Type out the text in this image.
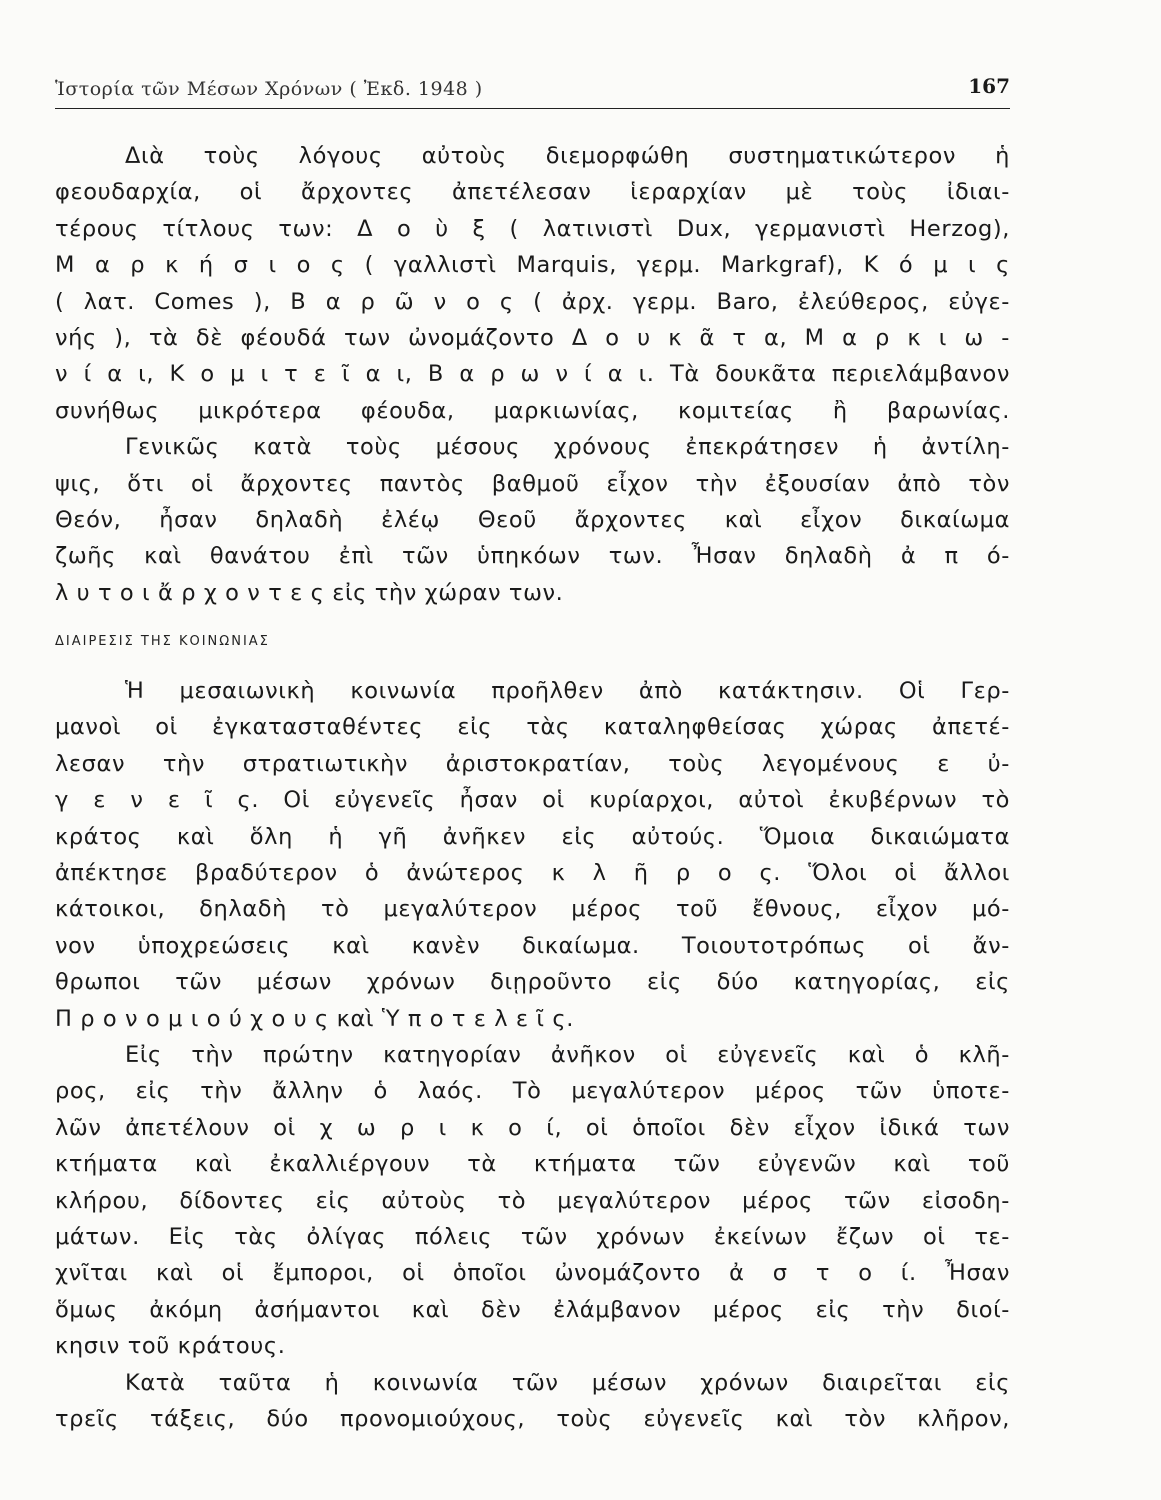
Ἱστορία τῶν Μέσων Χρόνων ( Ἐκδ. 1948 )	167
Διὰ τοὺς λόγους αὐτοὺς διεμορφώθη συστηματικώτερον ἡ
φεουδαρχία, οἱ ἄρχοντες ἀπετέλεσαν ἱεραρχίαν μὲ τοὺς ἰδιαι-
τέρους τίτλους των: Δ ο ὺ ξ ( λατινιστὶ Dux, γερμανιστὶ Herzog),
Μ α ρ κ ή σ ι ο ς ( γαλλιστὶ Marquis, γερμ. Markgraf), Κ ό μ ι ς
( λατ. Comes ), Β α ρ ῶ ν ο ς ( ἀρχ. γερμ. Baro, ἐλεύθερος, εὐγε-
νής ), τὰ δὲ φέουδά των ὠνομάζοντο Δ ο υ κ ᾶ τ α, Μ α ρ κ ι ω -
ν ί α ι, Κ ο μ ι τ ε ῖ α ι, Β α ρ ω ν ί α ι. Τὰ δουκᾶτα περιελάμβανον
συνήθως μικρότερα φέουδα, μαρκιωνίας, κομιτείας ἢ βαρωνίας.
Γενικῶς κατὰ τοὺς μέσους χρόνους ἐπεκράτησεν ἡ ἀντίλη-
ψις, ὅτι οἱ ἄρχοντες παντὸς βαθμοῦ εἶχον τὴν ἐξουσίαν ἀπὸ τὸν
Θεόν, ἦσαν δηλαδὴ ἐλέῳ Θεοῦ ἄρχοντες καὶ εἶχον δικαίωμα
ζωῆς καὶ θανάτου ἐπὶ τῶν ὑπηκόων των. Ἦσαν δηλαδὴ ἀ π ό-
λ υ τ ο ι ἄ ρ χ ο ν τ ε ς εἰς τὴν χώραν των.
ΔΙΑΙΡΕΣΙΣ ΤΗΣ ΚΟΙΝΩΝΙΑΣ
Ἡ μεσαιωνικὴ κοινωνία προῆλθεν ἀπὸ κατάκτησιν. Οἱ Γερ-
μανοὶ οἱ ἐγκατασταθέντες εἰς τὰς καταληφθείσας χώρας ἀπετέ-
λεσαν τὴν στρατιωτικὴν ἀριστοκρατίαν, τοὺς λεγομένους ε ὐ-
γ ε ν ε ῖ ς. Οἱ εὐγενεῖς ἦσαν οἱ κυρίαρχοι, αὐτοὶ ἐκυβέρνων τὸ
κράτος καὶ ὅλη ἡ γῆ ἀνῆκεν εἰς αὐτούς. Ὅμοια δικαιώματα
ἀπέκτησε βραδύτερον ὁ ἀνώτερος κ λ ῆ ρ ο ς. Ὅλοι οἱ ἄλλοι
κάτοικοι, δηλαδὴ τὸ μεγαλύτερον μέρος τοῦ ἔθνους, εἶχον μό-
νον ὑποχρεώσεις καὶ κανὲν δικαίωμα. Τοιουτοτρόπως οἱ ἄν-
θρωποι τῶν μέσων χρόνων διῃροῦντο εἰς δύο κατηγορίας, εἰς
Π ρ ο ν ο μ ι ο ύ χ ο υ ς καὶ Ὑ π ο τ ε λ ε ῖ ς.
Εἰς τὴν πρώτην κατηγορίαν ἀνῆκον οἱ εὐγενεῖς καὶ ὁ κλῆ-
ρος, εἰς τὴν ἄλλην ὁ λαός. Τὸ μεγαλύτερον μέρος τῶν ὑποτε-
λῶν ἀπετέλουν οἱ χ ω ρ ι κ ο ί, οἱ ὁποῖοι δὲν εἶχον ἰδικά των
κτήματα καὶ ἐκαλλιέργουν τὰ κτήματα τῶν εὐγενῶν καὶ τοῦ
κλήρου, δίδοντες εἰς αὐτοὺς τὸ μεγαλύτερον μέρος τῶν εἰσοδη-
μάτων. Εἰς τὰς ὀλίγας πόλεις τῶν χρόνων ἐκείνων ἔζων οἱ τε-
χνῖται καὶ οἱ ἔμποροι, οἱ ὁποῖοι ὠνομάζοντο ἀ σ τ ο ί. Ἦσαν
ὅμως ἀκόμη ἀσήμαντοι καὶ δὲν ἐλάμβανον μέρος εἰς τὴν διοί-
κησιν τοῦ κράτους.
Κατὰ ταῦτα ἡ κοινωνία τῶν μέσων χρόνων διαιρεῖται εἰς
τρεῖς τάξεις, δύο προνομιούχους, τοὺς εὐγενεῖς καὶ τὸν κλῆρον,
